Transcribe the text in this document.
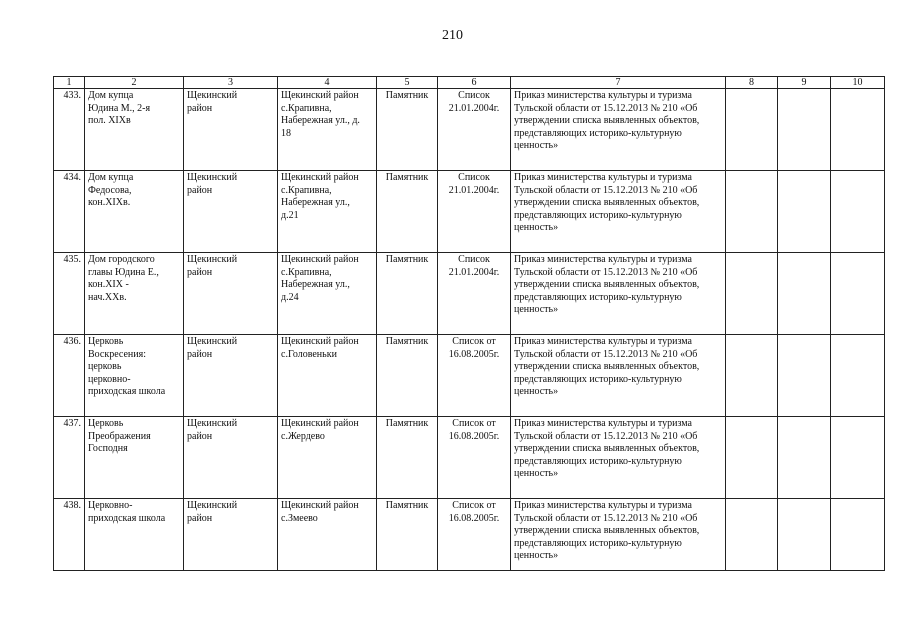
210
1	2	3	4	5	6	7	8	9	10
433.	Дом купца
Юдина М., 2-я
пол. XIXв	Щекинский
район	Щекинский район
с.Крапивна,
Набережная ул., д.
18	Памятник	Список
21.01.2004г.	Приказ министерства культуры и туризма
Тульской области от 15.12.2013 № 210 «Об
утверждении списка выявленных объектов,
представляющих историко-культурную
ценность»			

434.	Дом купца
Федосова,
кон.XIXв.	Щекинский
район	Щекинский район
с.Крапивна,
Набережная ул.,
д.21	Памятник	Список
21.01.2004г.	Приказ министерства культуры и туризма
Тульской области от 15.12.2013 № 210 «Об
утверждении списка выявленных объектов,
представляющих историко-культурную
ценность»			

435.	Дом городского
главы Юдина Е.,
кон.XIX -
нач.XXв.	Щекинский
район	Щекинский район
с.Крапивна,
Набережная ул.,
д.24	Памятник	Список
21.01.2004г.	Приказ министерства культуры и туризма
Тульской области от 15.12.2013 № 210 «Об
утверждении списка выявленных объектов,
представляющих историко-культурную
ценность»			

436.	Церковь
Воскресения:
церковь
церковно-
приходская школа	Щекинский
район	Щекинский район
с.Головеньки	Памятник	Список от
16.08.2005г.	Приказ министерства культуры и туризма
Тульской области от 15.12.2013 № 210 «Об
утверждении списка выявленных объектов,
представляющих историко-культурную
ценность»			

437.	Церковь
Преображения
Господня	Щекинский
район	Щекинский район
с.Жердево	Памятник	Список от
16.08.2005г.	Приказ министерства культуры и туризма
Тульской области от 15.12.2013 № 210 «Об
утверждении списка выявленных объектов,
представляющих историко-культурную
ценность»			

438.	Церковно-
приходская школа	Щекинский
район	Щекинский район
с.Змеево	Памятник	Список от
16.08.2005г.	Приказ министерства культуры и туризма
Тульской области от 15.12.2013 № 210 «Об
утверждении списка выявленных объектов,
представляющих историко-культурную
ценность»			
